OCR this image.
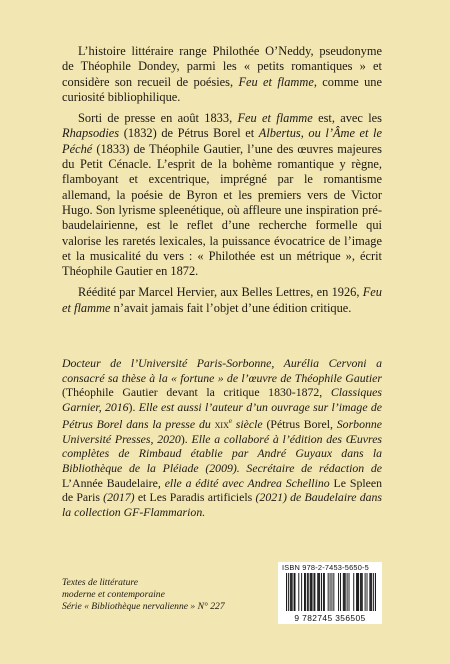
L’histoire littéraire range Philothée O’Neddy, pseudonyme de Théophile Dondey, parmi les « petits romantiques » et considère son recueil de poésies, Feu et flamme, comme une curiosité bibliophilique.

Sorti de presse en août 1833, Feu et flamme est, avec les Rhapsodies (1832) de Pétrus Borel et Albertus, ou l’Âme et le Péché (1833) de Théophile Gautier, l’une des œuvres majeures du Petit Cénacle. L’esprit de la bohème romantique y règne, flamboyant et excentrique, imprégné par le romantisme allemand, la poésie de Byron et les premiers vers de Victor Hugo. Son lyrisme spleenétique, où affleure une inspiration pré-baudelairienne, est le reflet d’une recherche formelle qui valorise les raretés lexicales, la puissance évocatrice de l’image et la musicalité du vers : « Philothée est un métrique », écrit Théophile Gautier en 1872.

Réédité par Marcel Hervier, aux Belles Lettres, en 1926, Feu et flamme n’avait jamais fait l’objet d’une édition critique.

Docteur de l’Université Paris-Sorbonne, Aurélia Cervoni a consacré sa thèse à la « fortune » de l’œuvre de Théophile Gautier (Théophile Gautier devant la critique 1830-1872, Classiques Garnier, 2016). Elle est aussi l’auteur d’un ouvrage sur l’image de Pétrus Borel dans la presse du xix$^e$ siècle (Pétrus Borel, Sorbonne Université Presses, 2020). Elle a collaboré à l’édition des Œuvres complètes de Rimbaud établie par André Guyaux dans la Bibliothèque de la Pléiade (2009). Secrétaire de rédaction de L’Année Baudelaire, elle a édité avec Andrea Schellino Le Spleen de Paris (2017) et Les Paradis artificiels (2021) de Baudelaire dans la collection GF-Flammarion.

Textes de littérature
moderne et contemporaine
Série « Bibliothèque nervalienne » N° 227
ISBN 978-2-7453-5650-5
9 782745 356505
